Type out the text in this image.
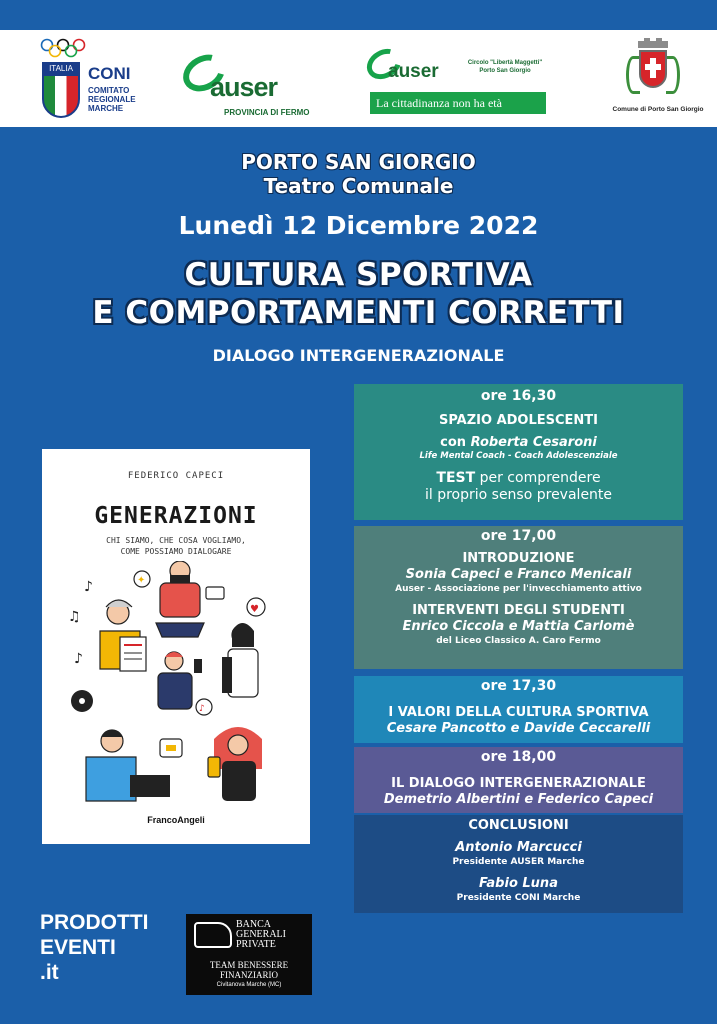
ITALIA CONI
COMITATO
REGIONALE
MARCHE
auser
PROVINCIA DI FERMO
auser	Circolo "Libertà Maggetti"
Porto San Giorgio
La cittadinanza non ha età	Comune di Porto San Giorgio
PORTO SAN GIORGIO
Teatro Comunale
Lunedì 12 Dicembre 2022
CULTURA SPORTIVA
E COMPORTAMENTI CORRETTI
DIALOGO INTERGENERAZIONALE
FEDERICO CAPECI
GENERAZIONI
CHI SIAMO, CHE COSA VOGLIAMO,
COME POSSIAMO DIALOGARE
♪
♫
♪
✦
♥
♪
FrancoAngeli
ore 16,30
SPAZIO ADOLESCENTI
con Roberta Cesaroni
Life Mental Coach - Coach Adolescenziale
TEST per comprendere
il proprio senso prevalente
ore 17,00
INTRODUZIONE
Sonia Capeci e Franco Menicali
Auser - Associazione per l'invecchiamento attivo
INTERVENTI DEGLI STUDENTI
Enrico Ciccola e Mattia Carlomè
del Liceo Classico A. Caro Fermo
ore 17,30
I VALORI DELLA CULTURA SPORTIVA
Cesare Pancotto e Davide Ceccarelli
ore 18,00
IL DIALOGO INTERGENERAZIONALE
Demetrio Albertini e Federico Capeci
CONCLUSIONI
Antonio Marcucci
Presidente AUSER Marche
Fabio Luna
Presidente CONI Marche
PRODOTTI
EVENTI
.it
BANCA
GENERALI
PRIVATE
TEAM BENESSERE
FINANZIARIO
Civitanova Marche (MC)
